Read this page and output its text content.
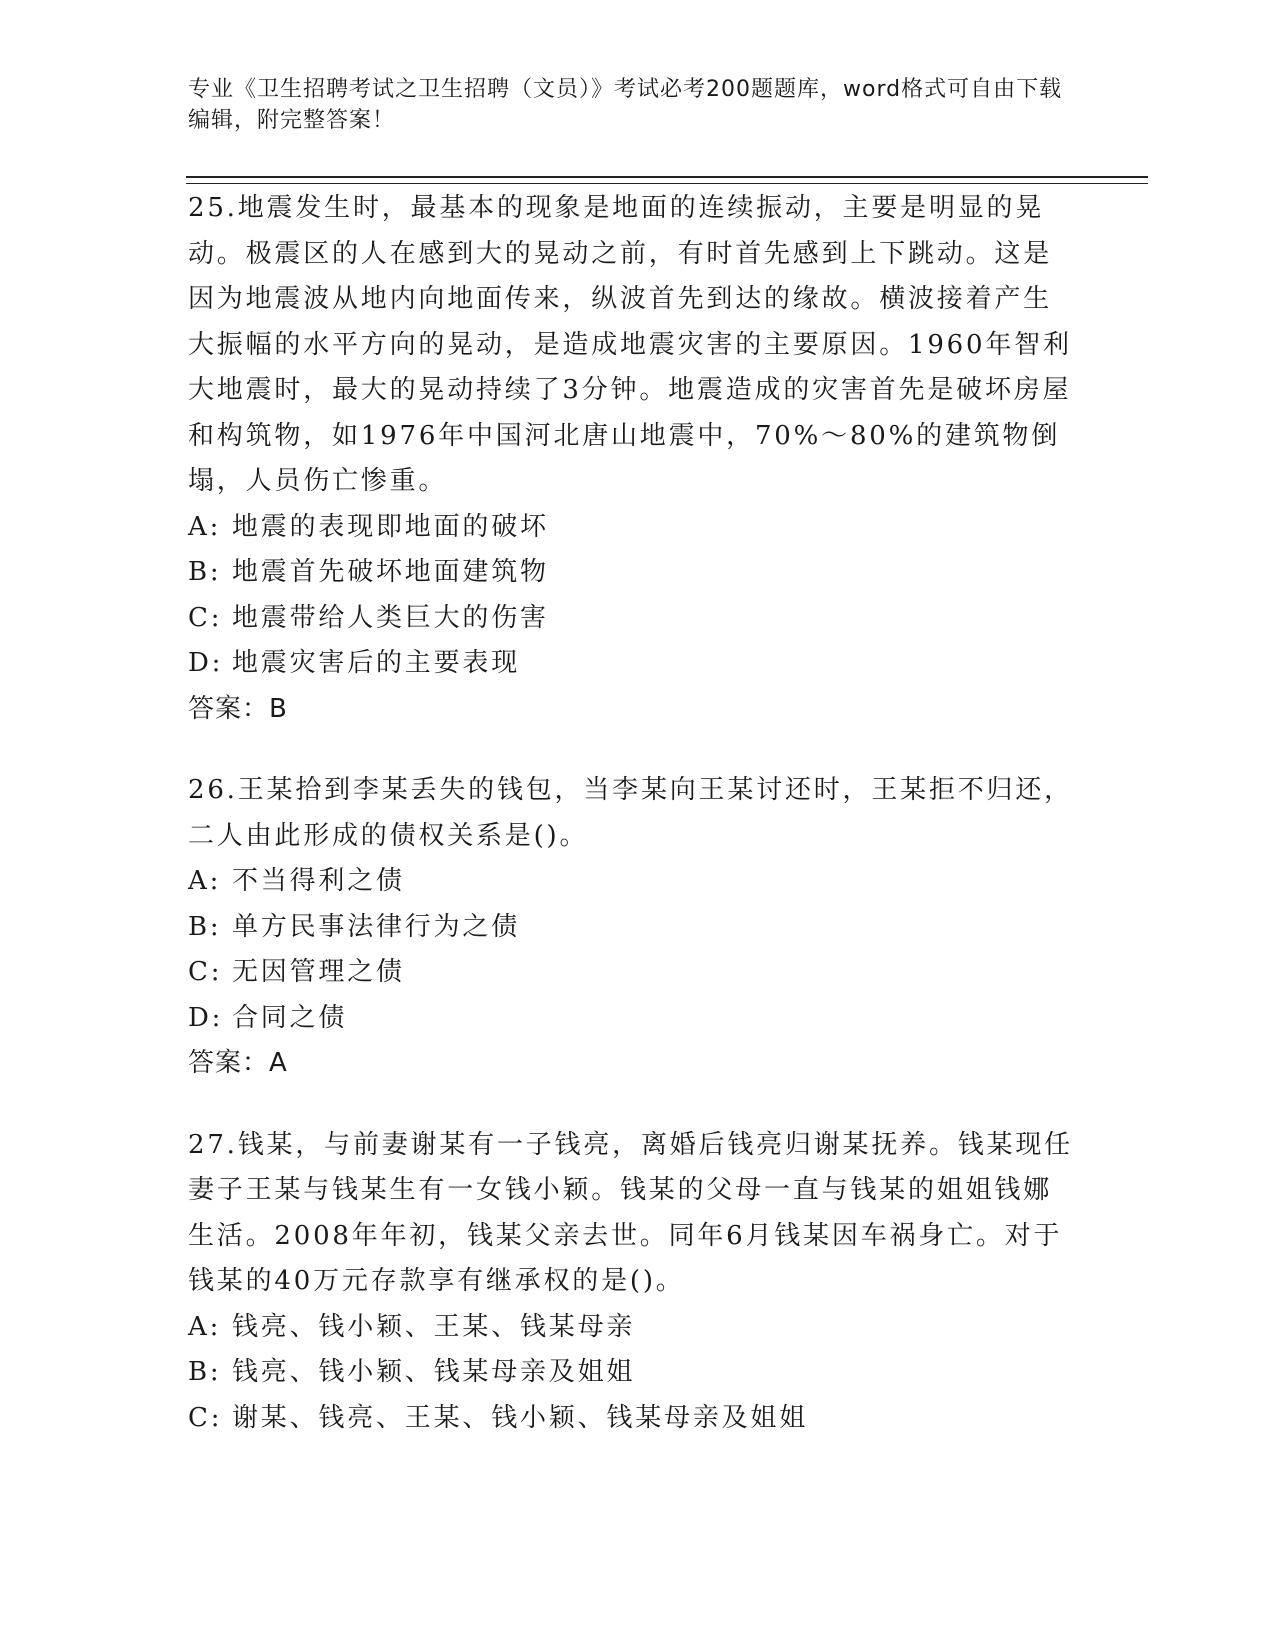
专业《卫生招聘考试之卫生招聘（文员）》考试必考200题题库，word格式可自由下载编辑，附完整答案！

25.地震发生时，最基本的现象是地面的连续振动，主要是明显的晃动。极震区的人在感到大的晃动之前，有时首先感到上下跳动。这是因为地震波从地内向地面传来，纵波首先到达的缘故。横波接着产生大振幅的水平方向的晃动，是造成地震灾害的主要原因。1960年智利大地震时，最大的晃动持续了3分钟。地震造成的灾害首先是破坏房屋和构筑物，如1976年中国河北唐山地震中，70%～80%的建筑物倒塌，人员伤亡惨重。

A: 地震的表现即地面的破坏
B: 地震首先破坏地面建筑物
C: 地震带给人类巨大的伤害
D: 地震灾害后的主要表现
答案：B

26.王某拾到李某丢失的钱包，当李某向王某讨还时，王某拒不归还，二人由此形成的债权关系是()。

A: 不当得利之债
B: 单方民事法律行为之债
C: 无因管理之债
D: 合同之债
答案：A

27.钱某，与前妻谢某有一子钱亮，离婚后钱亮归谢某抚养。钱某现任妻子王某与钱某生有一女钱小颖。钱某的父母一直与钱某的姐姐钱娜生活。2008年年初，钱某父亲去世。同年6月钱某因车祸身亡。对于钱某的40万元存款享有继承权的是()。

A: 钱亮、钱小颖、王某、钱某母亲
B: 钱亮、钱小颖、钱某母亲及姐姐
C: 谢某、钱亮、王某、钱小颖、钱某母亲及姐姐
